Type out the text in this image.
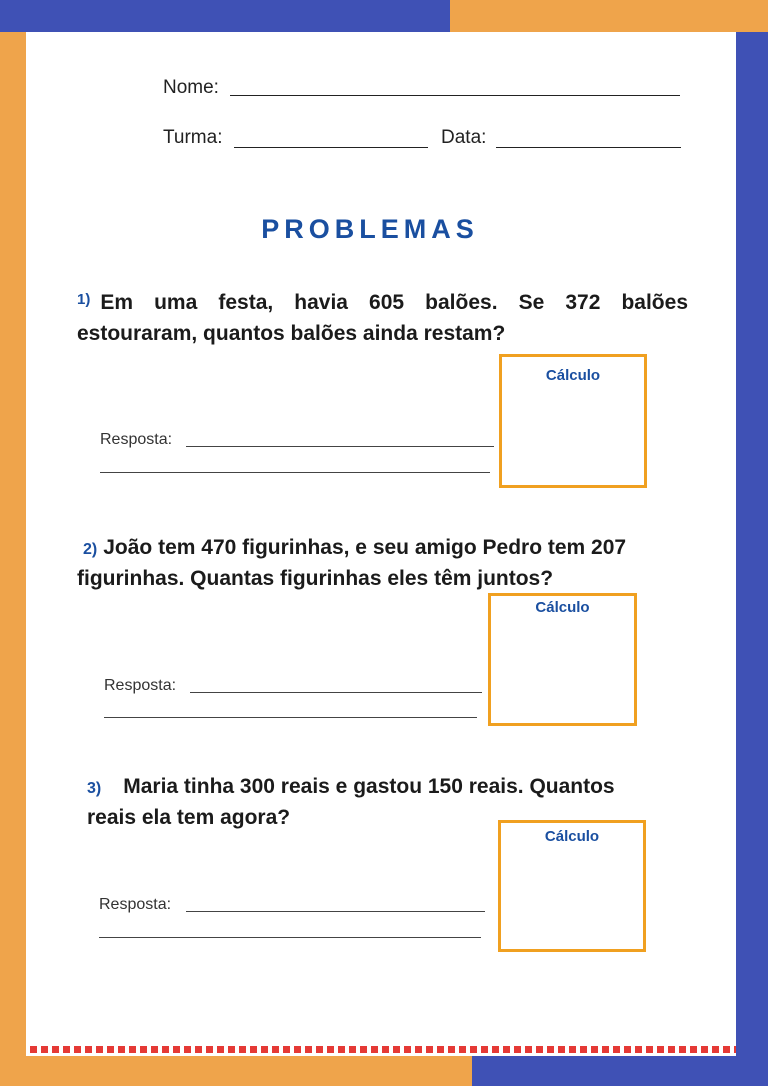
Nome:
Turma:	Data:
PROBLEMAS
$^{1)}$ Em uma festa, havia 605 balões. Se 372 balões
estouraram, quantos balões ainda restam?
Resposta:
Cálculo
2) João tem 470 figurinhas, e seu amigo Pedro tem 207
figurinhas. Quantas figurinhas eles têm juntos?
Resposta:
Cálculo
3) Maria tinha 300 reais e gastou 150 reais. Quantos
reais ela tem agora?
Resposta:
Cálculo
